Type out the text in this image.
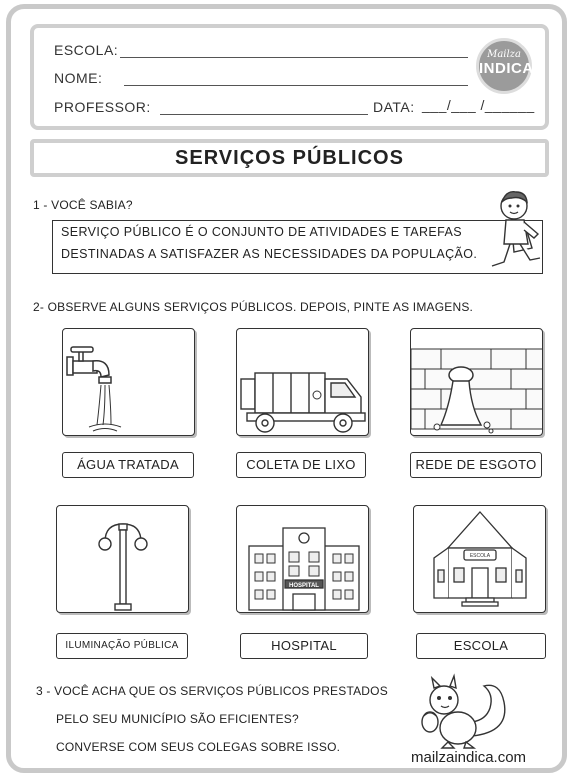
ESCOLA:
NOME:
PROFESSOR:	DATA: ___/___ /______
Mailza
INDICA
SERVIÇOS PÚBLICOS
1 - VOCÊ SABIA?
SERVIÇO PÚBLICO É O CONJUNTO DE ATIVIDADES E TAREFAS
DESTINADAS A SATISFAZER AS NECESSIDADES DA POPULAÇÃO.
2- OBSERVE ALGUNS SERVIÇOS PÚBLICOS. DEPOIS, PINTE AS IMAGENS.
ÁGUA TRATADA	COLETA DE LIXO	REDE DE ESGOTO
ILUMINAÇÃO PÚBLICA
HOSPITAL
HOSPITAL
ESCOLA
ESCOLA
3 - VOCÊ ACHA QUE OS SERVIÇOS PÚBLICOS PRESTADOS
PELO SEU MUNICÍPIO SÃO EFICIENTES?
CONVERSE COM SEUS COLEGAS SOBRE ISSO.
mailzaindica.com
